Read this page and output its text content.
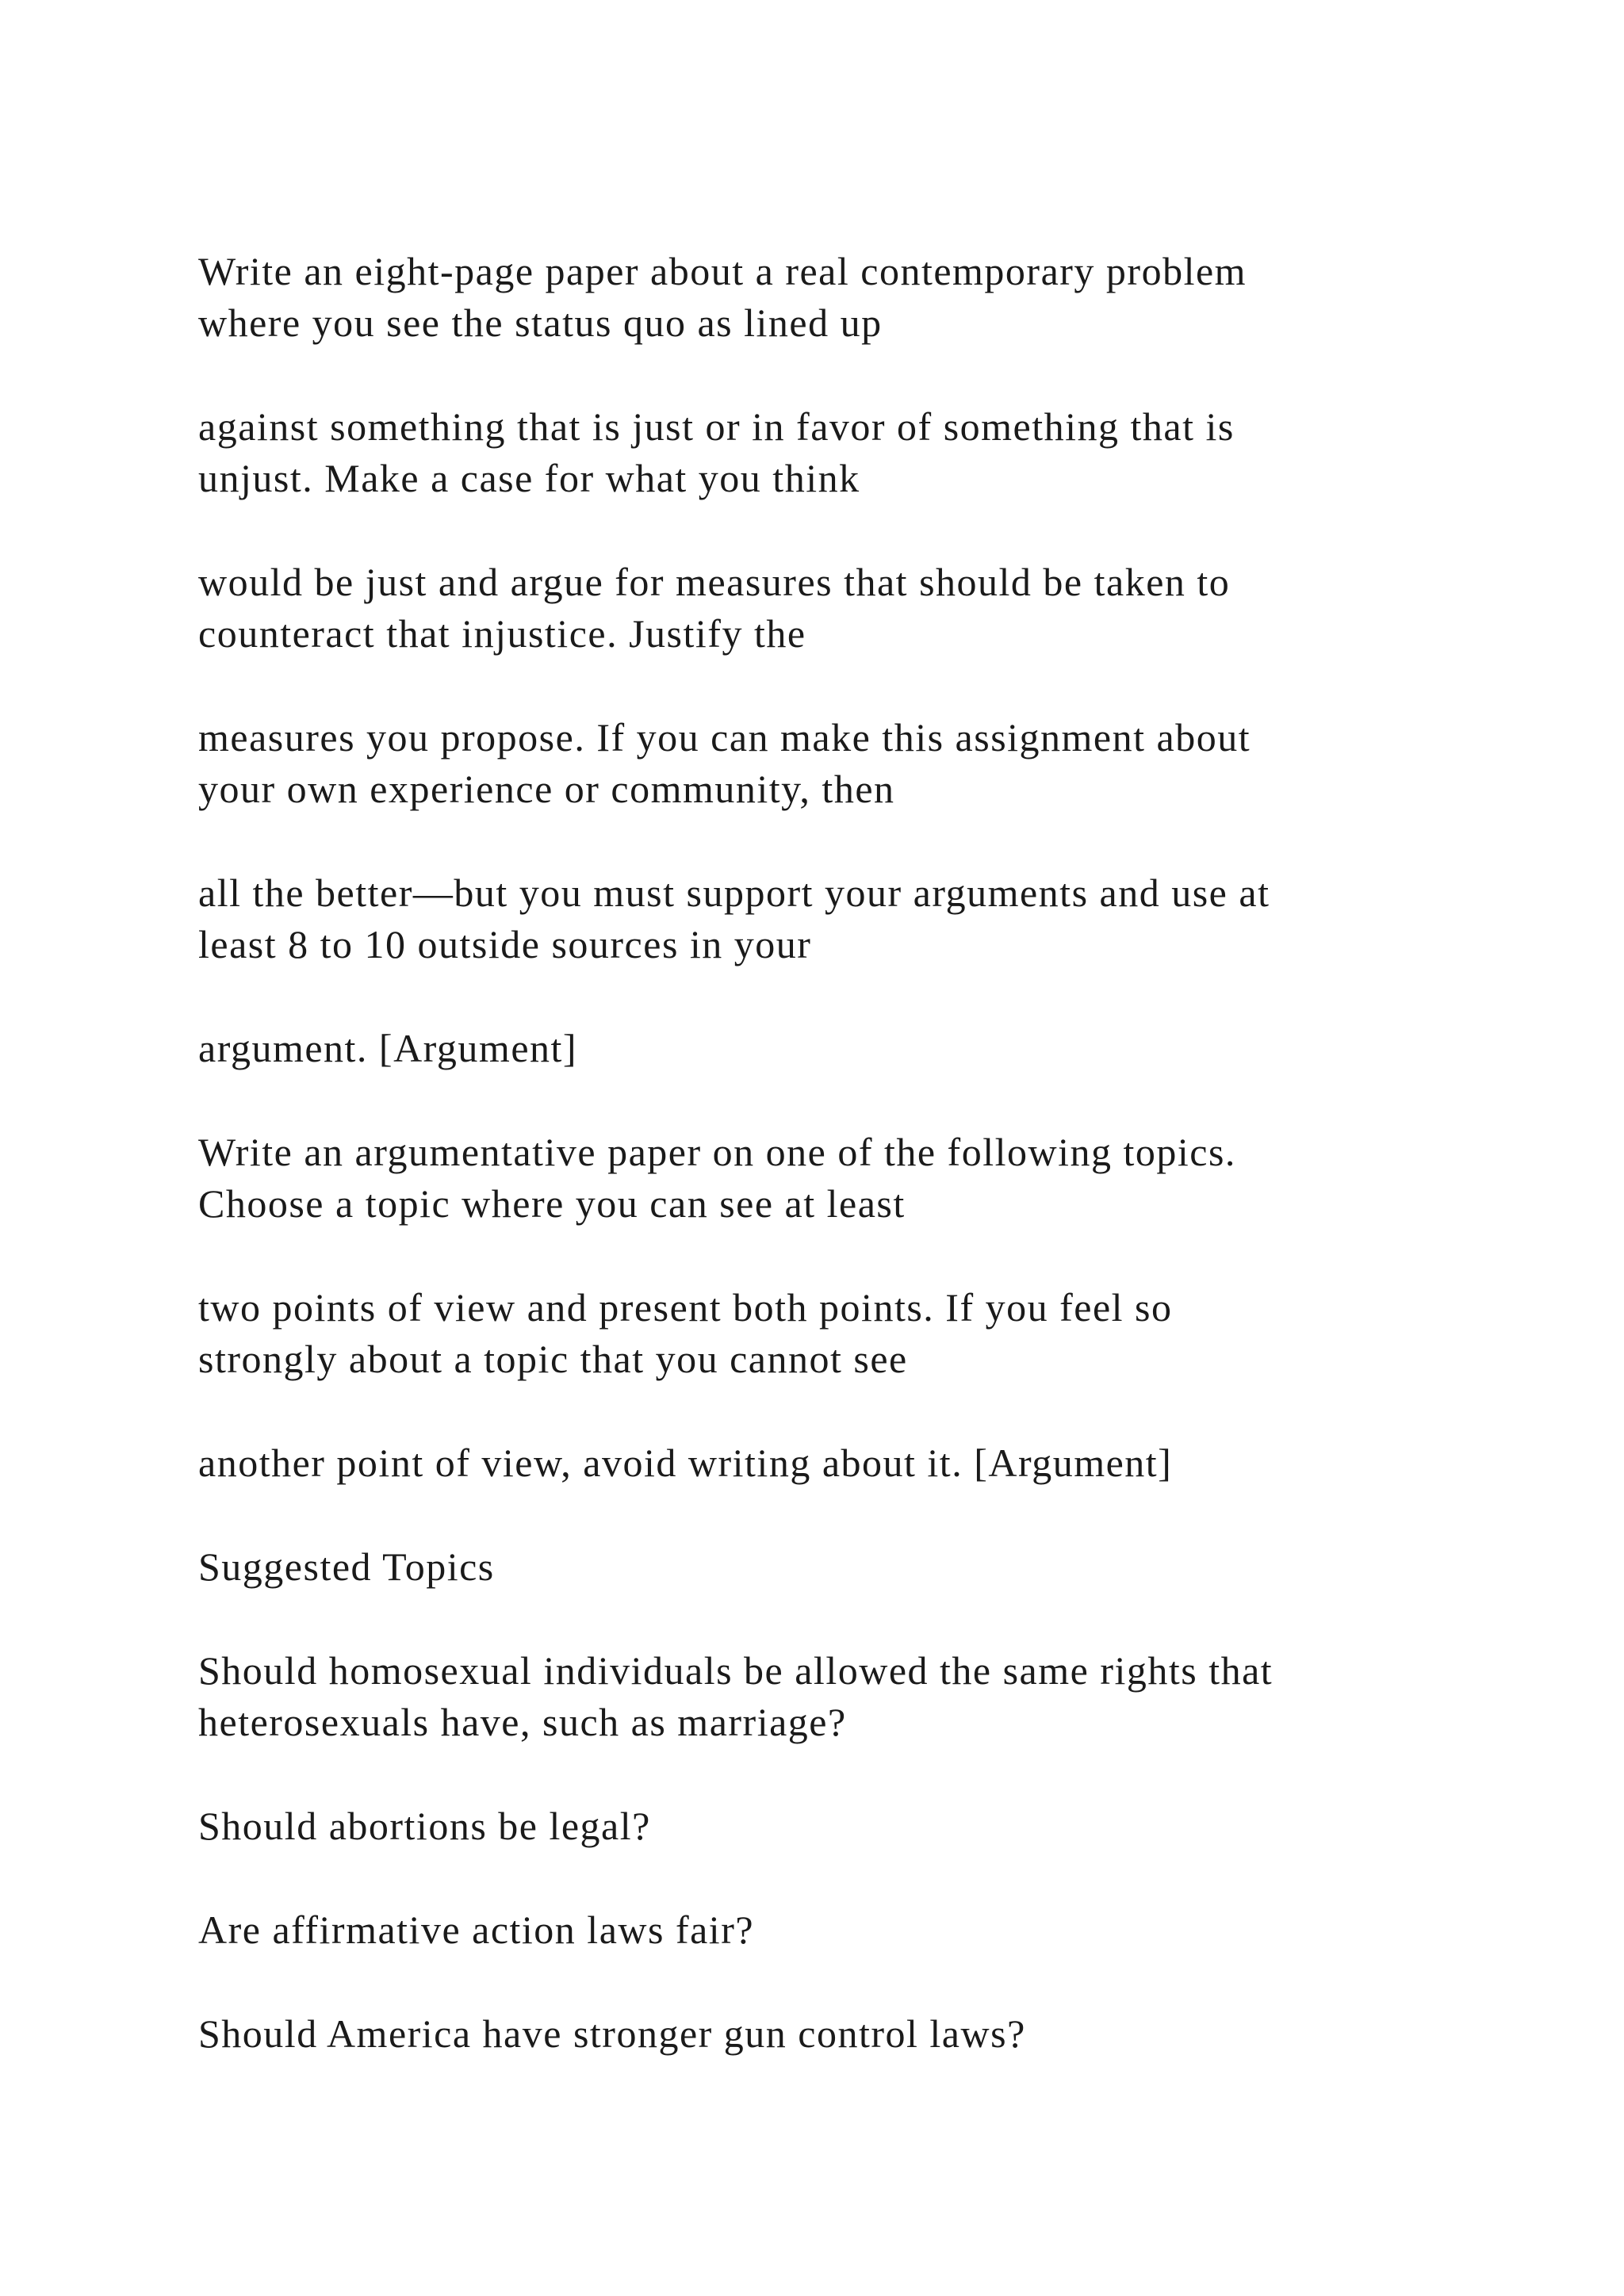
Write an eight-page paper about a real contemporary problem
where you see the status quo as lined up

against something that is just or in favor of something that is
unjust. Make a case for what you think

would be just and argue for measures that should be taken to
counteract that injustice. Justify the

measures you propose. If you can make this assignment about
your own experience or community, then

all the better—but you must support your arguments and use at
least 8 to 10 outside sources in your

argument. [Argument]

Write an argumentative paper on one of the following topics.
Choose a topic where you can see at least

two points of view and present both points. If you feel so
strongly about a topic that you cannot see

another point of view, avoid writing about it. [Argument]

Suggested Topics

Should homosexual individuals be allowed the same rights that
heterosexuals have, such as marriage?

Should abortions be legal?

Are affirmative action laws fair?

Should America have stronger gun control laws?
